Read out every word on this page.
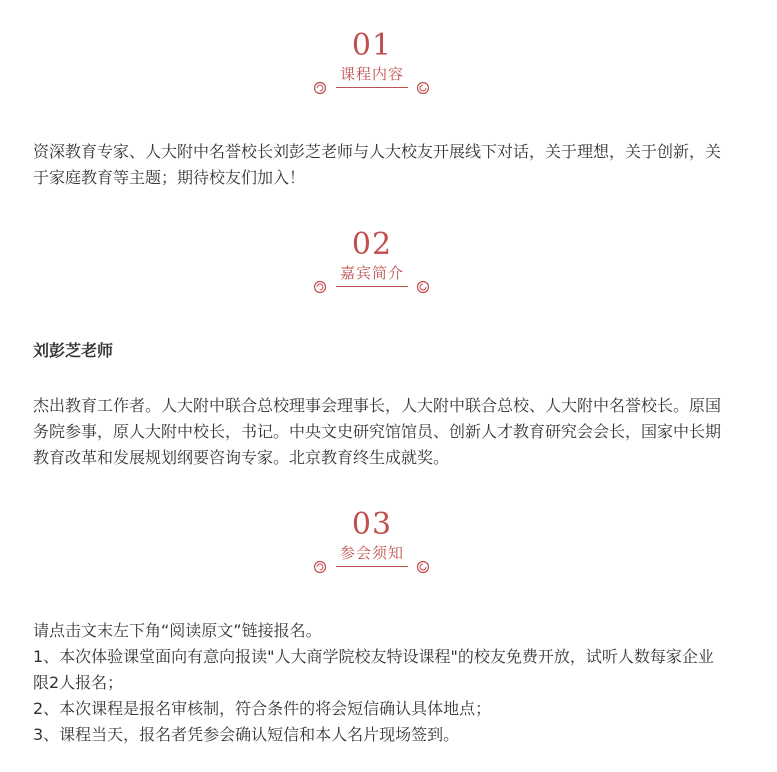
01
课程内容

资深教育专家、人大附中名誉校长刘彭芝老师与人大校友开展线下对话，关于理想，关于创新，关于家庭教育等主题；期待校友们加入！

02
嘉宾简介

刘彭芝老师

杰出教育工作者。人大附中联合总校理事会理事长，人大附中联合总校、人大附中名誉校长。原国务院参事，原人大附中校长，书记。中央文史研究馆馆员、创新人才教育研究会会长，国家中长期教育改革和发展规划纲要咨询专家。北京教育终生成就奖。

03
参会须知

请点击文末左下角“阅读原文”链接报名。

1、本次体验课堂面向有意向报读"人大商学院校友特设课程"的校友免费开放，试听人数每家企业限2人报名；

2、本次课程是报名审核制，符合条件的将会短信确认具体地点；

3、课程当天，报名者凭参会确认短信和本人名片现场签到。
